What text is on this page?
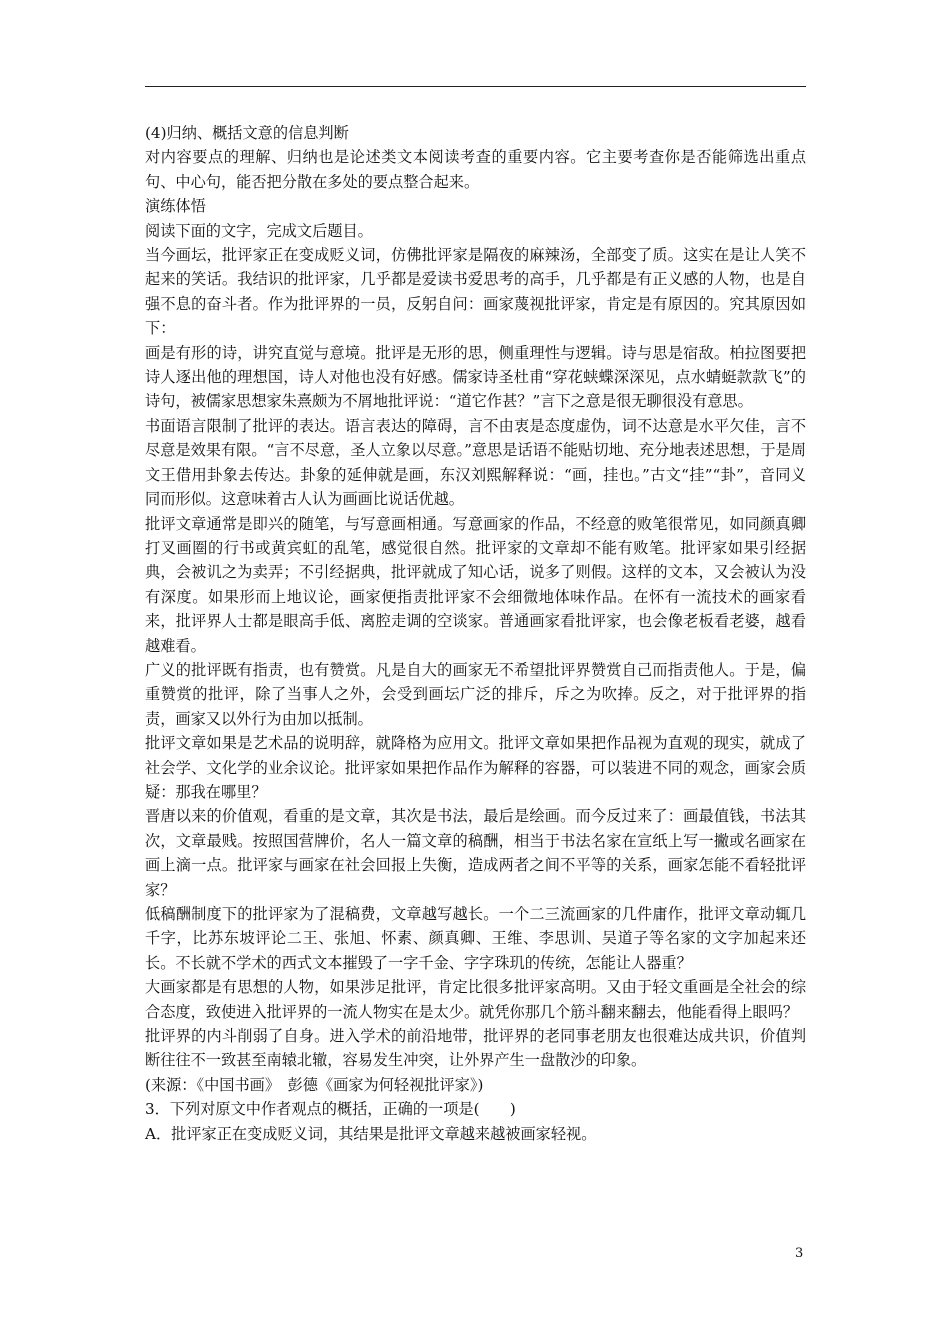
(4)归纳、概括文意的信息判断

对内容要点的理解、归纳也是论述类文本阅读考查的重要内容。它主要考查你是否能筛选出重点句、中心句，能否把分散在多处的要点整合起来。

演练体悟

阅读下面的文字，完成文后题目。

当今画坛，批评家正在变成贬义词，仿佛批评家是隔夜的麻辣汤，全部变了质。这实在是让人笑不起来的笑话。我结识的批评家，几乎都是爱读书爱思考的高手，几乎都是有正义感的人物，也是自强不息的奋斗者。作为批评界的一员，反躬自问：画家蔑视批评家，肯定是有原因的。究其原因如下：

画是有形的诗，讲究直觉与意境。批评是无形的思，侧重理性与逻辑。诗与思是宿敌。柏拉图要把诗人逐出他的理想国，诗人对他也没有好感。儒家诗圣杜甫“穿花蛱蝶深深见，点水蜻蜓款款飞”的诗句，被儒家思想家朱熹颇为不屑地批评说：“道它作甚？”言下之意是很无聊很没有意思。

书面语言限制了批评的表达。语言表达的障碍，言不由衷是态度虚伪，词不达意是水平欠佳，言不尽意是效果有限。“言不尽意，圣人立象以尽意。”意思是话语不能贴切地、充分地表述思想，于是周文王借用卦象去传达。卦象的延伸就是画，东汉刘熙解释说：“画，挂也。”古文“挂”“卦”，音同义同而形似。这意味着古人认为画画比说话优越。

批评文章通常是即兴的随笔，与写意画相通。写意画家的作品，不经意的败笔很常见，如同颜真卿打叉画圈的行书或黄宾虹的乱笔，感觉很自然。批评家的文章却不能有败笔。批评家如果引经据典，会被讥之为卖弄；不引经据典，批评就成了知心话，说多了则假。这样的文本，又会被认为没有深度。如果形而上地议论，画家便指责批评家不会细微地体味作品。在怀有一流技术的画家看来，批评界人士都是眼高手低、离腔走调的空谈家。普通画家看批评家，也会像老板看老婆，越看越难看。

广义的批评既有指责，也有赞赏。凡是自大的画家无不希望批评界赞赏自己而指责他人。于是，偏重赞赏的批评，除了当事人之外，会受到画坛广泛的排斥，斥之为吹捧。反之，对于批评界的指责，画家又以外行为由加以抵制。

批评文章如果是艺术品的说明辞，就降格为应用文。批评文章如果把作品视为直观的现实，就成了社会学、文化学的业余议论。批评家如果把作品作为解释的容器，可以装进不同的观念，画家会质疑：那我在哪里？

晋唐以来的价值观，看重的是文章，其次是书法，最后是绘画。而今反过来了：画最值钱，书法其次，文章最贱。按照国营牌价，名人一篇文章的稿酬，相当于书法名家在宣纸上写一撇或名画家在画上滴一点。批评家与画家在社会回报上失衡，造成两者之间不平等的关系，画家怎能不看轻批评家？

低稿酬制度下的批评家为了混稿费，文章越写越长。一个二三流画家的几件庸作，批评文章动辄几千字，比苏东坡评论二王、张旭、怀素、颜真卿、王维、李思训、吴道子等名家的文字加起来还长。不长就不学术的西式文本摧毁了一字千金、字字珠玑的传统，怎能让人器重？

大画家都是有思想的人物，如果涉足批评，肯定比很多批评家高明。又由于轻文重画是全社会的综合态度，致使进入批评界的一流人物实在是太少。就凭你那几个筋斗翻来翻去，他能看得上眼吗？

批评界的内斗削弱了自身。进入学术的前沿地带，批评界的老同事老朋友也很难达成共识，价值判断往往不一致甚至南辕北辙，容易发生冲突，让外界产生一盘散沙的印象。

(来源：《中国书画》　彭德《画家为何轻视批评家》)

3．下列对原文中作者观点的概括，正确的一项是(　　)

A．批评家正在变成贬义词，其结果是批评文章越来越被画家轻视。

3
